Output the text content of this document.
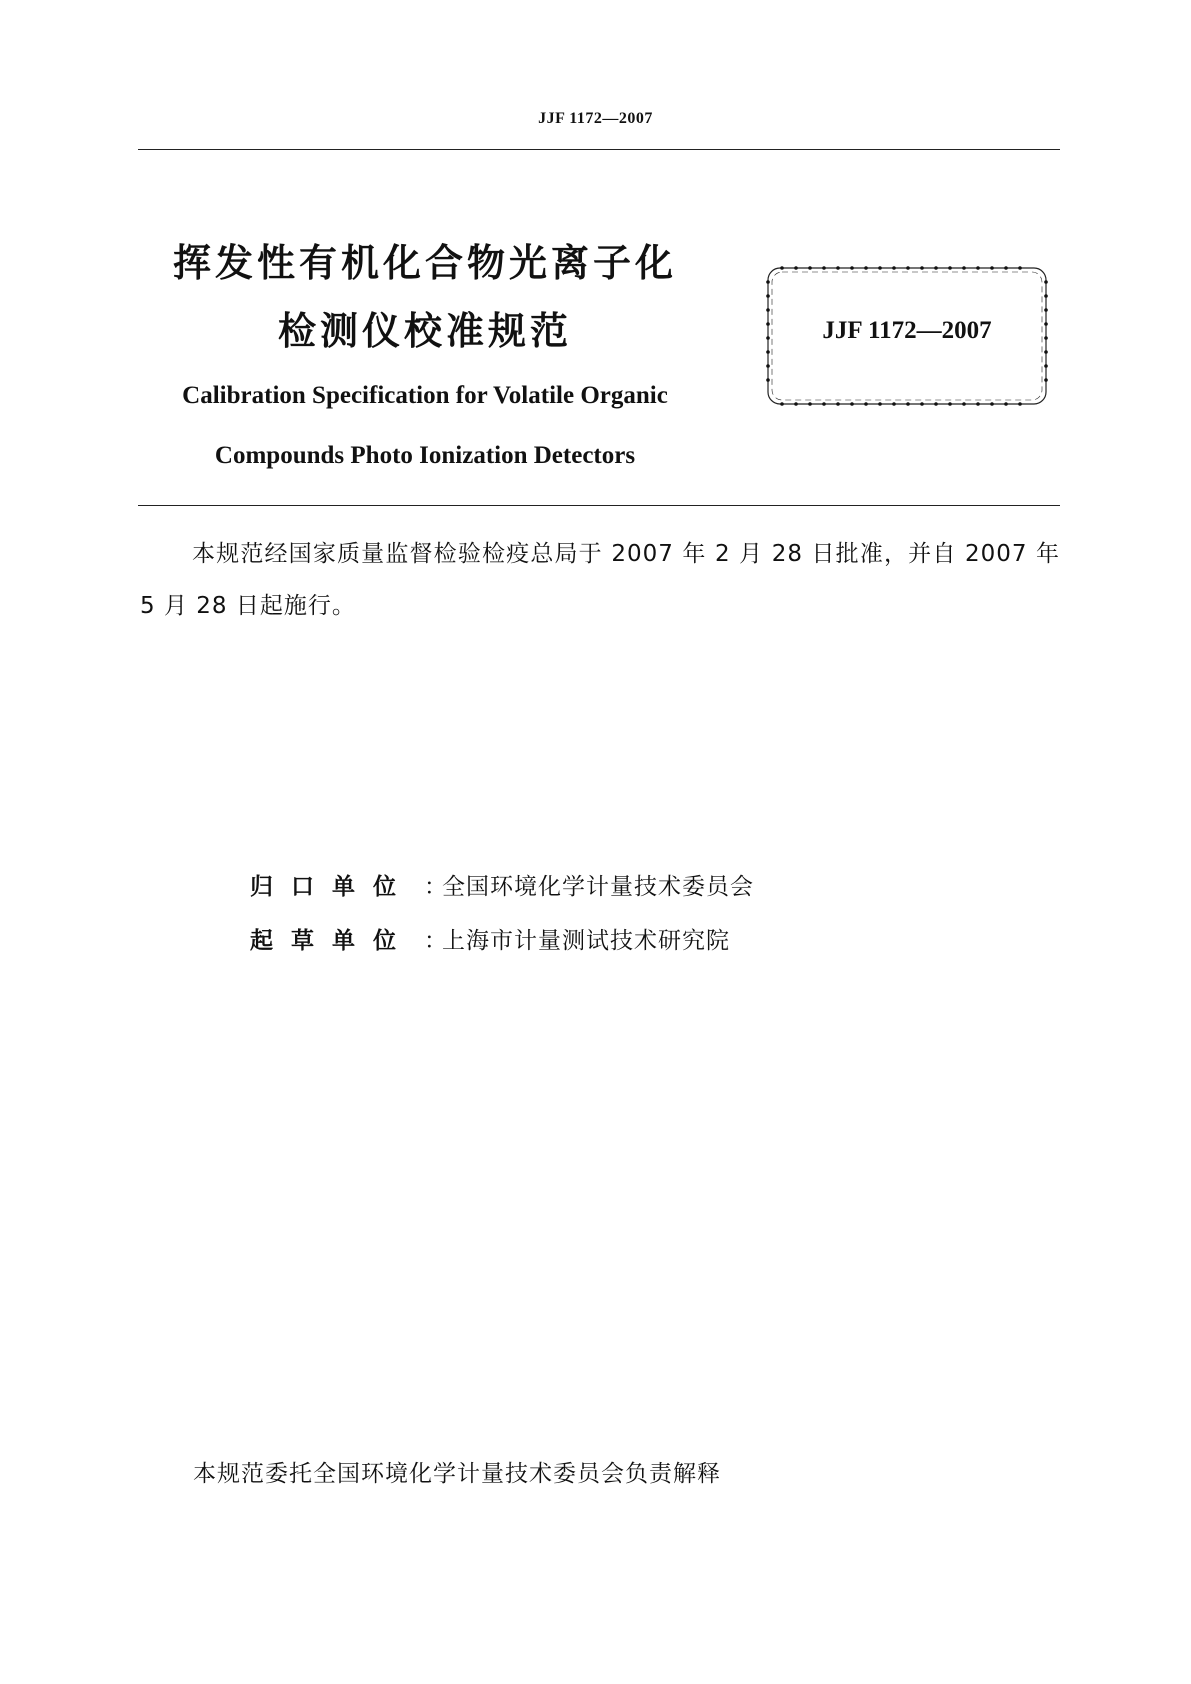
JJF 1172—2007
挥发性有机化合物光离子化
检测仪校准规范
Calibration Specification for Volatile Organic
Compounds Photo Ionization Detectors
JJF 1172—2007
本规范经国家质量监督检验检疫总局于 2007 年 2 月 28 日批准，并自 2007 年 5 月 28 日起施行。
归口单位 ：全国环境化学计量技术委员会
起草单位 ：上海市计量测试技术研究院
本规范委托全国环境化学计量技术委员会负责解释
